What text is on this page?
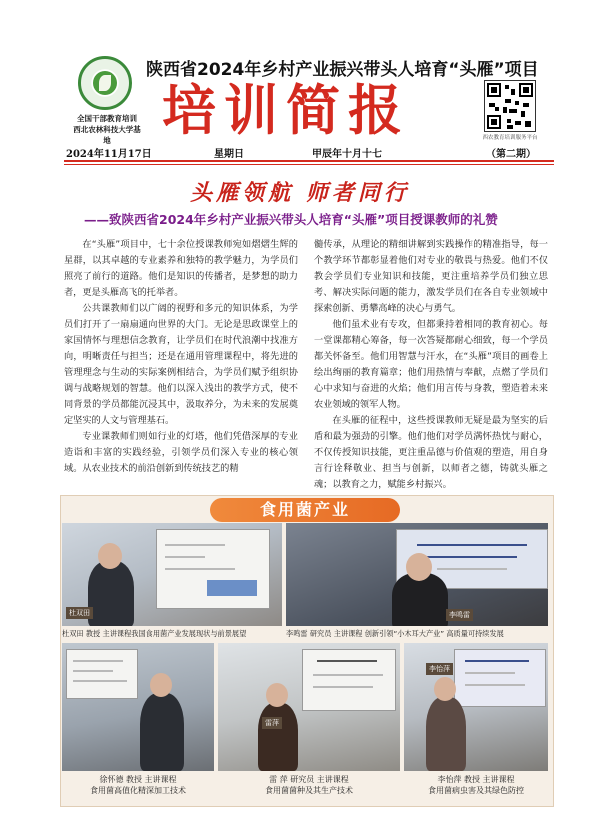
全国干部教育培训
西北农林科技大学基地
陕西省2024年乡村产业振兴带头人培育“头雁”项目
培训简报	西农教育培训服务平台
2024年11月17日	星期日	甲辰年十月十七	（第二期）
头雁领航 师者同行
——致陕西省2024年乡村产业振兴带头人培育“头雁”项目授课教师的礼赞

在“头雁”项目中，七十余位授课教师宛如熠熠生辉的星群，以其卓越的专业素养和独特的教学魅力，为学员们照亮了前行的道路。他们是知识的传播者，是梦想的助力者，更是头雁高飞的托举者。

公共课教师们以广阔的视野和多元的知识体系，为学员们打开了一扇扇通向世界的大门。无论是思政课堂上的家国情怀与理想信念教育，让学员们在时代浪潮中找准方向，明晰责任与担当；还是在通用管理课程中，将先进的管理理念与生动的实际案例相结合，为学员们赋予组织协调与战略规划的智慧。他们以深入浅出的教学方式，使不同背景的学员都能沉浸其中，汲取养分，为未来的发展奠定坚实的人文与管理基石。

专业课教师们则如行业的灯塔，他们凭借深厚的专业造诣和丰富的实践经验，引领学员们深入专业的核心领域。从农业技术的前沿创新到传统技艺的精

髓传承，从理论的精细讲解到实践操作的精准指导，每一个教学环节都彰显着他们对专业的敬畏与热爱。他们不仅教会学员们专业知识和技能，更注重培养学员们独立思考、解决实际问题的能力，激发学员们在各自专业领域中探索创新、勇攀高峰的决心与勇气。

他们虽术业有专攻，但都秉持着相同的教育初心。每一堂课都精心筹备，每一次答疑都耐心细致，每一个学员都关怀备至。他们用智慧与汗水，在“头雁”项目的画卷上绘出绚丽的教育篇章；他们用热情与奉献，点燃了学员们心中求知与奋进的火焰；他们用言传与身教，塑造着未来农业领域的领军人物。

在头雁的征程中，这些授课教师无疑是最为坚实的后盾和最为强劲的引擎。他们他们对学员满怀热忱与耐心，不仅传授知识技能，更注重品德与价值观的塑造，用自身言行诠释敬业、担当与创新，以师者之德，铸就头雁之魂；以教育之力，赋能乡村振兴。

食用菌产业
杜双田	李鸣雷
杜双田 教授 主讲课程我国食用菌产业发展现状与前景展望	李鸣雷 研究员 主讲课程 创新引领“小木耳大产业” 高质量可持续发展
雷萍
李怡萍
徐怀德 教授 主讲课程
食用菌高值化精深加工技术
雷 萍 研究员 主讲课程
食用菌菌种及其生产技术
李怡萍 教授 主讲课程
食用菌病虫害及其绿色防控
